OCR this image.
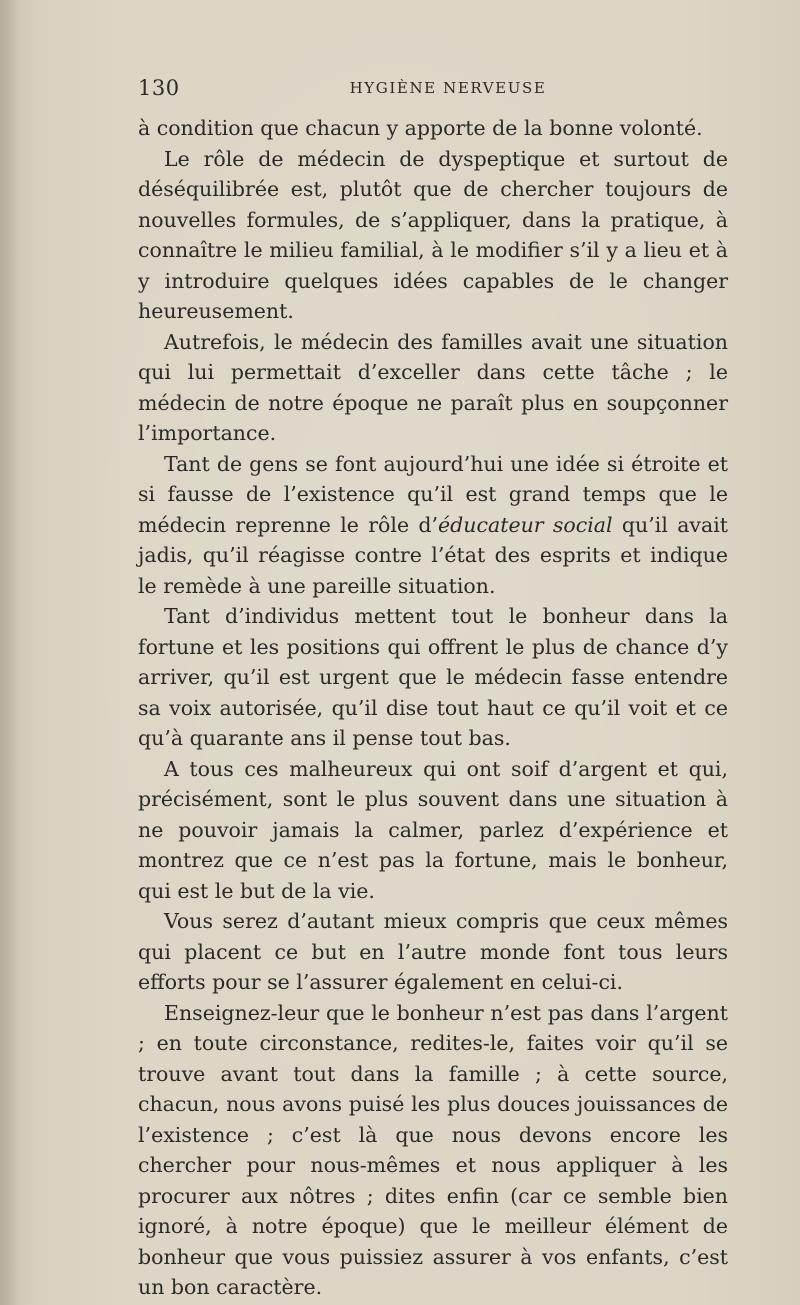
130	HYGIÈNE NERVEUSE

à condition que chacun y apporte de la bonne volonté.

Le rôle de médecin de dyspeptique et surtout de déséquilibrée est, plutôt que de chercher toujours de nouvelles formules, de s’appliquer, dans la pratique, à connaître le milieu familial, à le modifier s’il y a lieu et à y introduire quelques idées capables de le changer heureusement.

Autrefois, le médecin des familles avait une situation qui lui permettait d’exceller dans cette tâche ; le médecin de notre époque ne paraît plus en soupçonner l’importance.

Tant de gens se font aujourd’hui une idée si étroite et si fausse de l’existence qu’il est grand temps que le médecin reprenne le rôle d’éducateur social qu’il avait jadis, qu’il réagisse contre l’état des esprits et indique le remède à une pareille situation.

Tant d’individus mettent tout le bonheur dans la fortune et les positions qui offrent le plus de chance d’y arriver, qu’il est urgent que le médecin fasse entendre sa voix autorisée, qu’il dise tout haut ce qu’il voit et ce qu’à quarante ans il pense tout bas.

A tous ces malheureux qui ont soif d’argent et qui, précisément, sont le plus souvent dans une situation à ne pouvoir jamais la calmer, parlez d’expérience et montrez que ce n’est pas la fortune, mais le bonheur, qui est le but de la vie.

Vous serez d’autant mieux compris que ceux mêmes qui placent ce but en l’autre monde font tous leurs efforts pour se l’assurer également en celui-ci.

Enseignez-leur que le bonheur n’est pas dans l’argent ; en toute circonstance, redites-le, faites voir qu’il se trouve avant tout dans la famille ; à cette source, chacun, nous avons puisé les plus douces jouissances de l’existence ; c’est là que nous devons encore les chercher pour nous-mêmes et nous appliquer à les procurer aux nôtres ; dites enfin (car ce semble bien ignoré, à notre époque) que le meilleur élément de bonheur que vous puissiez assurer à vos enfants, c’est un bon caractère.
